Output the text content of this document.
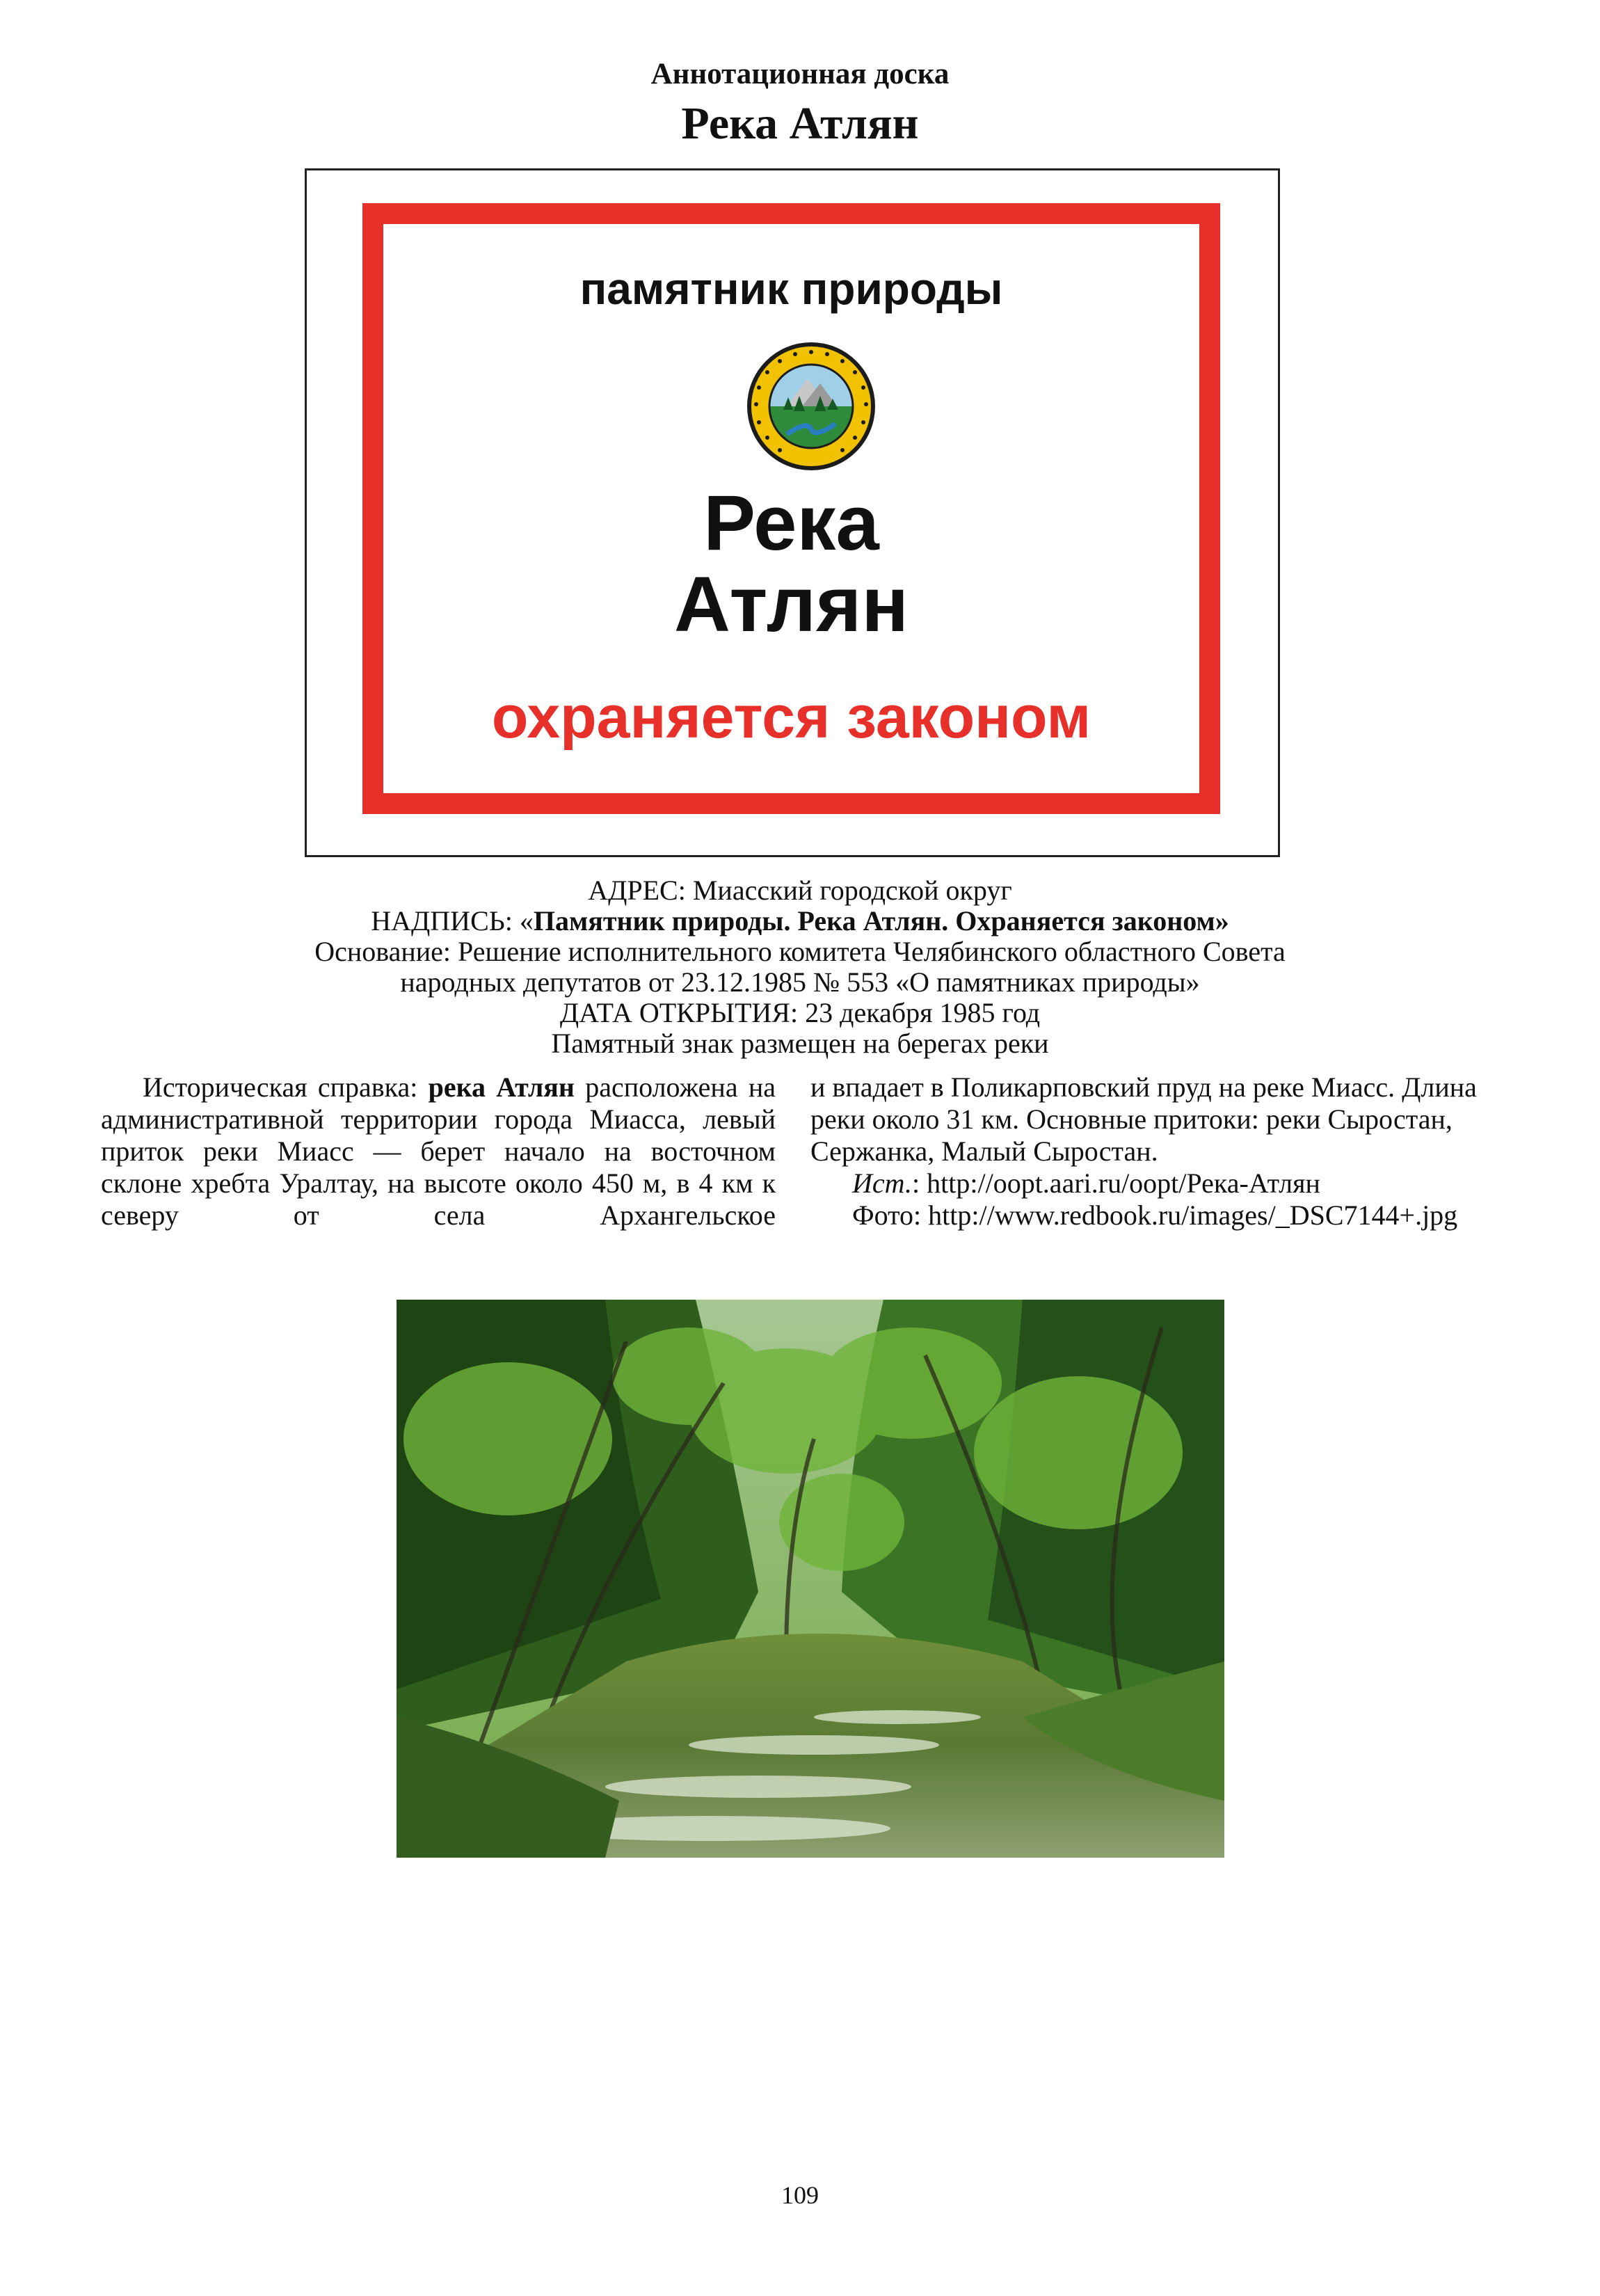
Аннотационная доска
Река Атлян
памятник природы
Река
Атлян
охраняется законом
АДРЕС: Миасский городской округ
НАДПИСЬ: «Памятник природы. Река Атлян. Охраняется законом»
Основание: Решение исполнительного комитета Челябинского областного Совета
народных депутатов от 23.12.1985 № 553 «О памятниках природы»
ДАТА ОТКРЫТИЯ: 23 декабря 1985 год
Памятный знак размещен на берегах реки

Историческая справка: река Атлян расположена на административной территории города Миасса, левый приток реки Миасс — берет начало на восточном склоне хребта Уралтау, на высоте около 450 м, в 4 км к северу от села Архангельское

и впадает в Поликарповский пруд на реке Миасс. Длина реки около 31 км. Основные притоки: реки Сыростан, Сержанка, Малый Сыростан.

Ист.: http://oopt.aari.ru/oopt/Река-Атлян

Фото: http://www.redbook.ru/images/_DSC7144+.jpg

109
